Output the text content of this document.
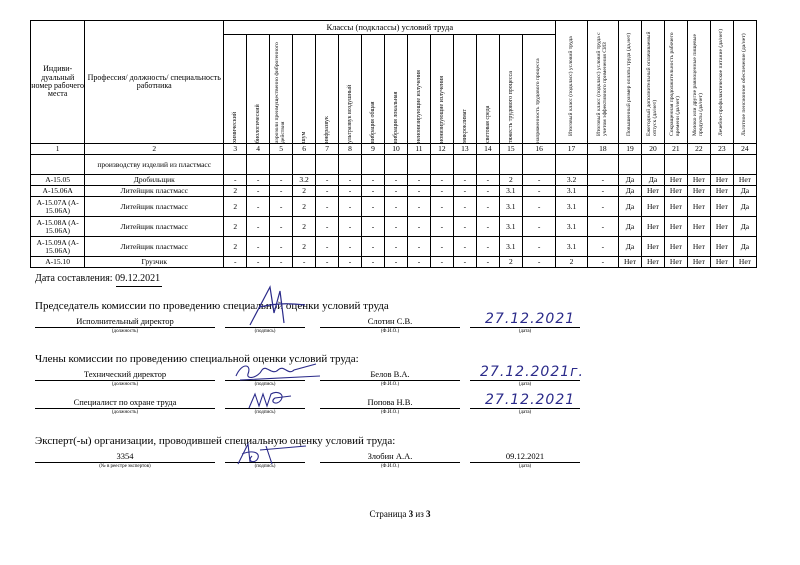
Индиви-дуальный номер рабочего места	Профессия/ должность/ специальность работника	Классы (подклассы) условий труда														Итоговый класс (подкласс) условий труда	Итоговый класс (подкласс) условий труда с учетом эффективного применения СИЗ	Повышенный размер оплаты труда (да,нет)	Ежегодный дополнительный оплачиваемый отпуск (да/нет)	Сокращенная продолжительность рабочего времени (да/нет)	Молоко или другие равноценные пищевые продукты (да/нет)	Лечебно-профилактическое питание (да/нет)	Льготное пенсионное обеспечение (да/нет)

		химический	биологический	аэрозоли преимущественно фиброгенного действия	шум	инфразвук	ультразвук воздушный	вибрация общая	вибрация локальная	неионизирующие излучения	ионизирующие излучения	микроклимат	световая среда	тяжесть трудового процесса	напряженность трудового процесса								

1	2	3	4	5	6	7	8	9	10	11	12	13	14	15	16	17	18	19	20	21	22	23	24
	производству изделий из пластмасс																						
A-15.05	Дробильщик	-	-	-	3.2	-	-	-	-	-	-	-	-	2	-	3.2	-	Да	Да	Нет	Нет	Нет	Нет
A-15.06A	Литейщик пластмасс	2	-	-	2	-	-	-	-	-	-	-	-	3.1	-	3.1	-	Да	Нет	Нет	Нет	Нет	Да
A-15.07A (A-15.06A)	Литейщик пластмасс	2	-	-	2	-	-	-	-	-	-	-	-	3.1	-	3.1	-	Да	Нет	Нет	Нет	Нет	Да
A-15.08A (A-15.06A)	Литейщик пластмасс	2	-	-	2	-	-	-	-	-	-	-	-	3.1	-	3.1	-	Да	Нет	Нет	Нет	Нет	Да
A-15.09A (A-15.06A)	Литейщик пластмасс	2	-	-	2	-	-	-	-	-	-	-	-	3.1	-	3.1	-	Да	Нет	Нет	Нет	Нет	Да
A-15.10	Грузчик	-	-	-	-	-	-	-	-	-	-	-	-	2	-	2	-	Нет	Нет	Нет	Нет	Нет	Нет
Дата составления: 09.12.2021
Председатель комиссии по проведению специальной оценки условий труда
Исполнительный директор
(должность)	(подпись)
Слотин С.В.
(Ф.И.О.)
27.12.2021
(дата)
Члены комиссии по проведению специальной оценки условий труда:
Технический директор
(должность)	(подпись)
Белов В.А.
(Ф.И.О.)
27.12.2021г.
(дата)
Специалист по охране труда
(должность)	(подпись)
Попова Н.В.
(Ф.И.О.)
27.12.2021
(дата)
Эксперт(-ы) организации, проводившей специальную оценку условий труда:
3354
(№ в реестре экспертов)	(подпись)
Злобин А.А.
(Ф.И.О.)
09.12.2021
(дата)
Страница 3 из 3
